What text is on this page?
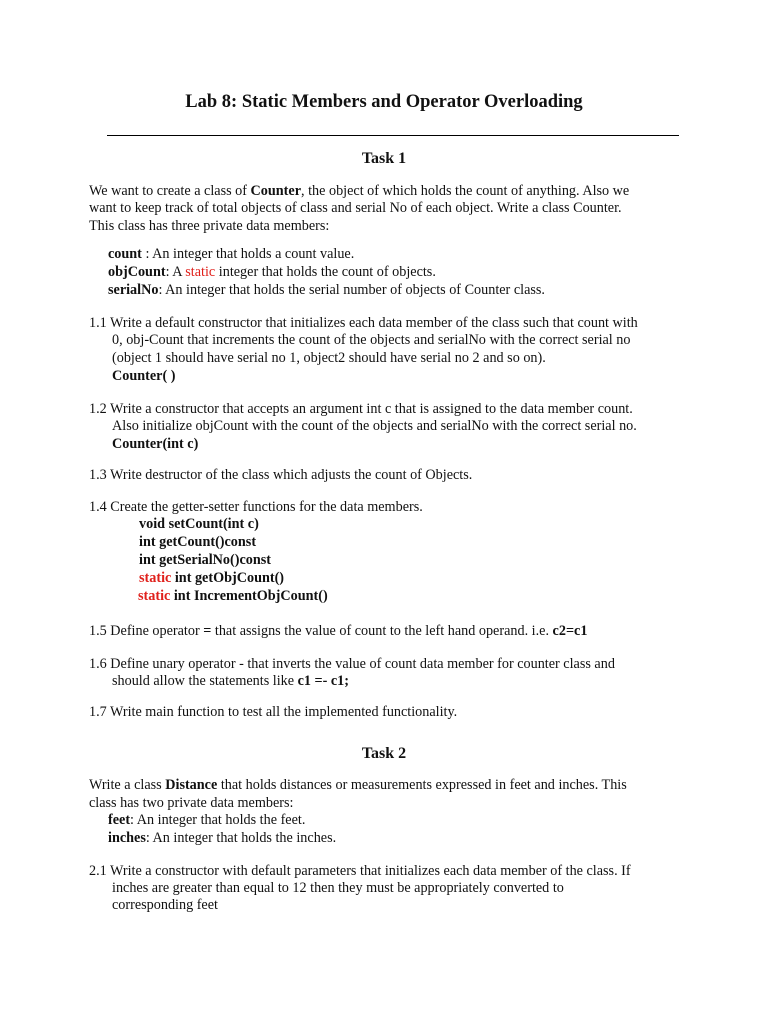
Lab 8: Static Members and Operator Overloading
Task 1
We want to create a class of Counter, the object of which holds the count of anything. Also we
want to keep track of total objects of class and serial No of each object. Write a class Counter.
This class has three private data members:
count : An integer that holds a count value.
objCount: A static integer that holds the count of objects.
serialNo: An integer that holds the serial number of objects of Counter class.
1.1 Write a default constructor that initializes each data member of the class such that count with
0, obj-Count that increments the count of the objects and serialNo with the correct serial no
(object 1 should have serial no 1, object2 should have serial no 2 and so on).
Counter( )
1.2 Write a constructor that accepts an argument int c that is assigned to the data member count.
Also initialize objCount with the count of the objects and serialNo with the correct serial no.
Counter(int c)
1.3 Write destructor of the class which adjusts the count of Objects.
1.4 Create the getter-setter functions for the data members.
void setCount(int c)
int getCount()const
int getSerialNo()const
static int getObjCount()
static int IncrementObjCount()
1.5 Define operator = that assigns the value of count to the left hand operand. i.e. c2=c1
1.6 Define unary operator - that inverts the value of count data member for counter class and
should allow the statements like c1 =- c1;
1.7 Write main function to test all the implemented functionality.
Task 2
Write a class Distance that holds distances or measurements expressed in feet and inches. This
class has two private data members:
feet: An integer that holds the feet.
inches: An integer that holds the inches.
2.1 Write a constructor with default parameters that initializes each data member of the class. If
inches are greater than equal to 12 then they must be appropriately converted to
corresponding feet
